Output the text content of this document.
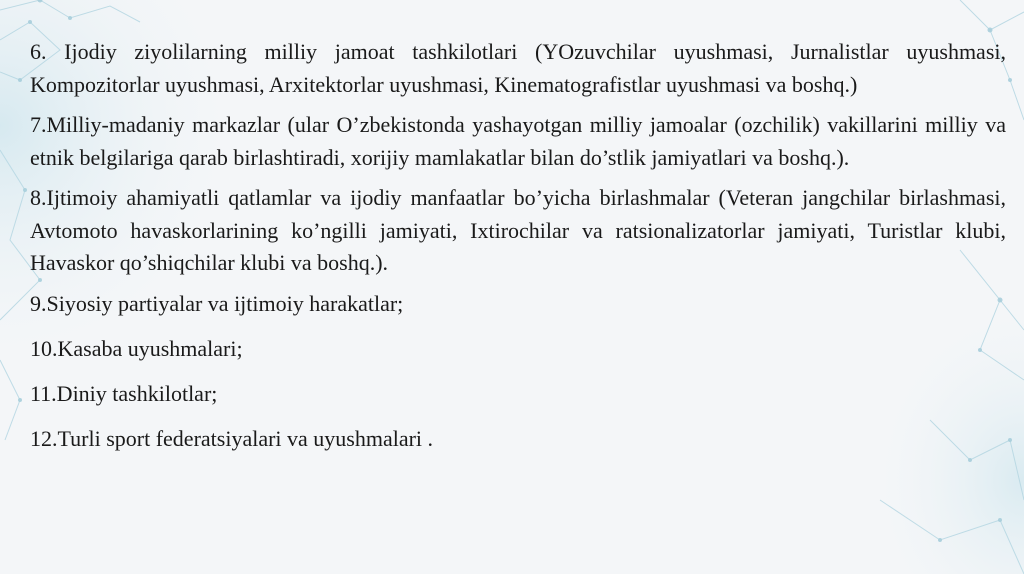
6. Ijodiy ziyolilarning milliy jamoat tashkilotlari (YOzuvchilar uyushmasi, Jurnalistlar uyushmasi, Kompozitorlar uyushmasi, Arxitektorlar uyushmasi, Kinematografistlar uyushmasi va boshq.)

7.Milliy-madaniy markazlar (ular O’zbekistonda yashayotgan milliy jamoalar (ozchilik) vakillarini milliy va etnik belgilariga qarab birlashtiradi, xorijiy mamlakatlar bilan do’stlik jamiyatlari va boshq.).

8.Ijtimoiy ahamiyatli qatlamlar va ijodiy manfaatlar bo’yicha birlashmalar (Veteran jangchilar birlashmasi, Avtomoto havaskorlarining ko’ngilli jamiyati, Ixtirochilar va ratsionalizatorlar jamiyati, Turistlar klubi, Havaskor qo’shiqchilar klubi va boshq.).

9.Siyosiy partiyalar va ijtimoiy harakatlar;

10.Kasaba uyushmalari;

11.Diniy tashkilotlar;

12.Turli sport federatsiyalari va uyushmalari .
